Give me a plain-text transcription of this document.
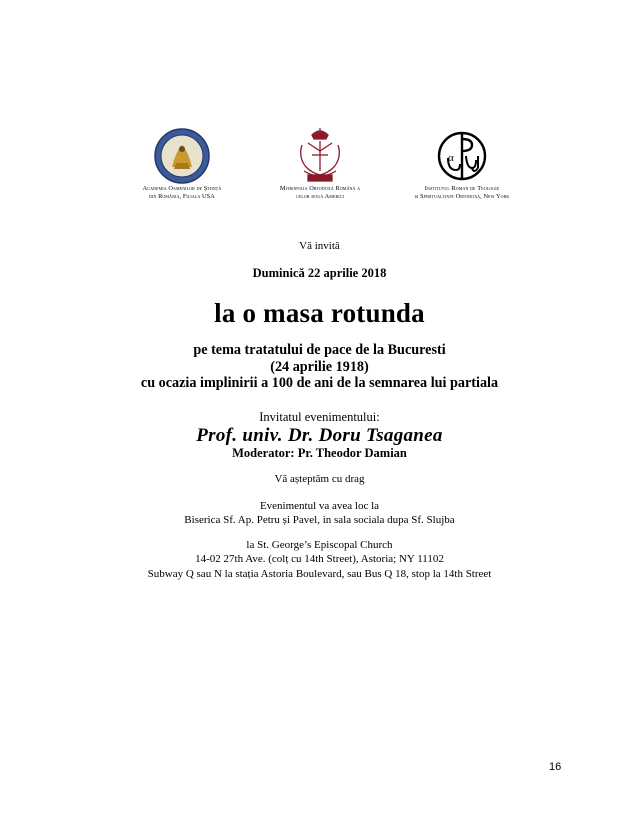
Academia Oamenilor de Știință
din România, Filiala USA
Mitropolia Ortodoxă Română a
celor două Americi
α
Institutul Roman de Teologie
și Spiritualitate Ortodoxă, New York
Vă invită
Duminică 22 aprilie 2018
la o masa rotunda
pe tema tratatului de pace de la Bucuresti
(24 aprilie 1918)
cu ocazia implinirii a 100 de ani de la semnarea lui partiala
Invitatul evenimentului:
Prof. univ. Dr. Doru Tsaganea
Moderator: Pr. Theodor Damian
Vă așteptăm cu drag
Evenimentul va avea loc la
Biserica Sf. Ap. Petru și Pavel, in sala sociala dupa Sf. Slujba
la St. George’s Episcopal Church
14-02 27th Ave. (colț cu 14th Street), Astoria; NY 11102
Subway Q sau N la stația Astoria Boulevard, sau Bus Q 18, stop la 14th Street
16
